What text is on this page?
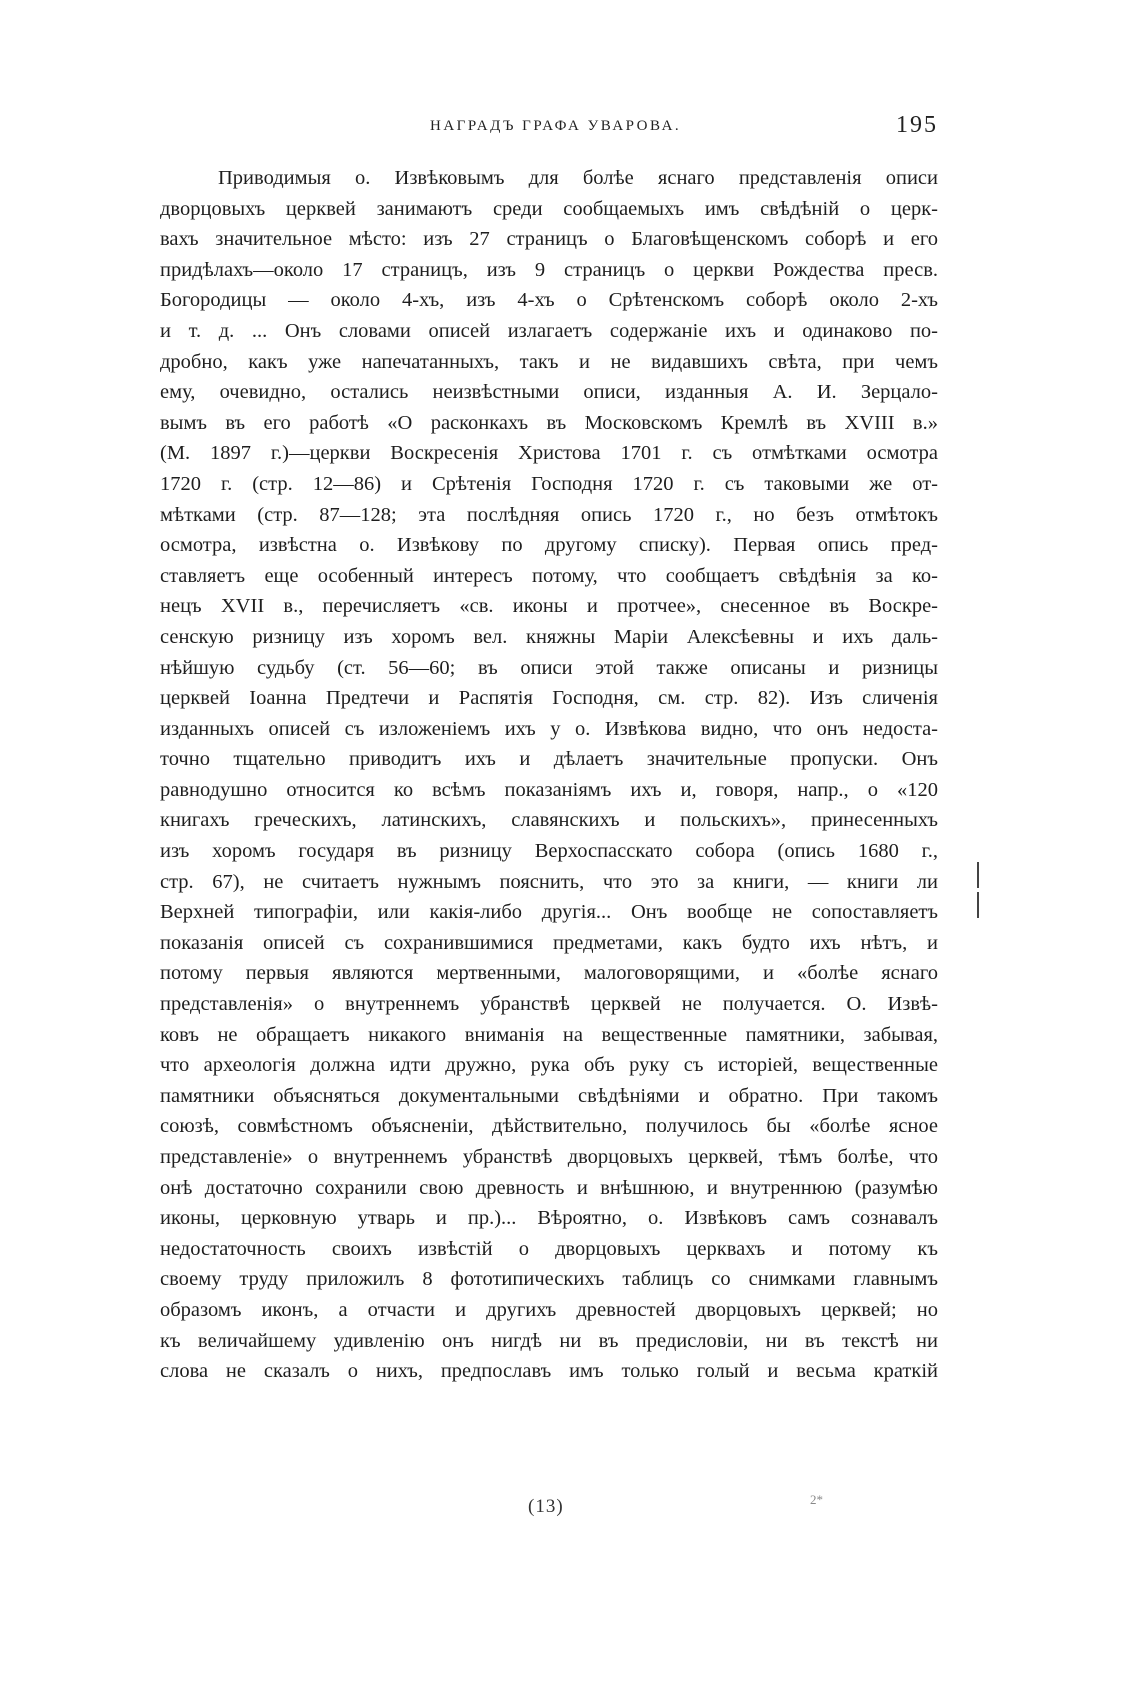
НАГРАДЪ ГРАФА УВАРОВА.	195
Приводимыя о. Извѣковымъ для болѣе яснаго представленія описи
дворцовыхъ церквей занимаютъ среди сообщаемыхъ имъ свѣдѣній о церк-
вахъ значительное мѣсто: изъ 27 страницъ о Благовѣщенскомъ соборѣ и его
придѣлахъ—около 17 страницъ, изъ 9 страницъ о церкви Рождества пресв.
Богородицы — около 4-хъ, изъ 4-хъ о Срѣтенскомъ соборѣ около 2-хъ
и т. д. ... Онъ словами описей излагаетъ содержаніе ихъ и одинаково по-
дробно, какъ уже напечатанныхъ, такъ и не видавшихъ свѣта, при чемъ
ему, очевидно, остались неизвѣстными описи, изданныя А. И. Зерцало-
вымъ въ его работѣ «О расконкахъ въ Московскомъ Кремлѣ въ XVIII в.»
(М. 1897 г.)—церкви Воскресенія Христова 1701 г. съ отмѣтками осмотра
1720 г. (стр. 12—86) и Срѣтенія Господня 1720 г. съ таковыми же от-
мѣтками (стр. 87—128; эта послѣдняя опись 1720 г., но безъ отмѣтокъ
осмотра, извѣстна о. Извѣкову по другому списку). Первая опись пред-
ставляетъ еще особенный интересъ потому, что сообщаетъ свѣдѣнія за ко-
нецъ XVII в., перечисляетъ «св. иконы и протчее», снесенное въ Воскре-
сенскую ризницу изъ хоромъ вел. княжны Маріи Алексѣевны и ихъ даль-
нѣйшую судьбу (ст. 56—60; въ описи этой также описаны и ризницы
церквей Іоанна Предтечи и Распятія Господня, см. стр. 82). Изъ сличенія
изданныхъ описей съ изложеніемъ ихъ у о. Извѣкова видно, что онъ недоста-
точно тщательно приводитъ ихъ и дѣлаетъ значительные пропуски. Онъ
равнодушно относится ко всѣмъ показаніямъ ихъ и, говоря, напр., о «120
книгахъ греческихъ, латинскихъ, славянскихъ и польскихъ», принесенныхъ
изъ хоромъ государя въ ризницу Верхоспасскато собора (опись 1680 г.,
стр. 67), не считаетъ нужнымъ пояснить, что это за книги, — книги ли
Верхней типографіи, или какія-либо другія... Онъ вообще не сопоставляетъ
показанія описей съ сохранившимися предметами, какъ будто ихъ нѣтъ, и
потому первыя являются мертвенными, малоговорящими, и «болѣе яснаго
представленія» о внутреннемъ убранствѣ церквей не получается. О. Извѣ-
ковъ не обращаетъ никакого вниманія на вещественные памятники, забывая,
что археологія должна идти дружно, рука объ руку съ исторіей, вещественные
памятники объясняться документальными свѣдѣніями и обратно. При такомъ
союзѣ, совмѣстномъ объясненіи, дѣйствительно, получилось бы «болѣе ясное
представленіе» о внутреннемъ убранствѣ дворцовыхъ церквей, тѣмъ болѣе, что
онѣ достаточно сохранили свою древность и внѣшнюю, и внутреннюю (разумѣю
иконы, церковную утварь и пр.)... Вѣроятно, о. Извѣковъ самъ сознавалъ
недостаточность своихъ извѣстій о дворцовыхъ церквахъ и потому къ
своему труду приложилъ 8 фототипическихъ таблицъ со снимками главнымъ
образомъ иконъ, а отчасти и другихъ древностей дворцовыхъ церквей; но
къ величайшему удивленію онъ нигдѣ ни въ предисловіи, ни въ текстѣ ни
слова не сказалъ о нихъ, предпославъ имъ только голый и весьма краткій
(13)	2*
